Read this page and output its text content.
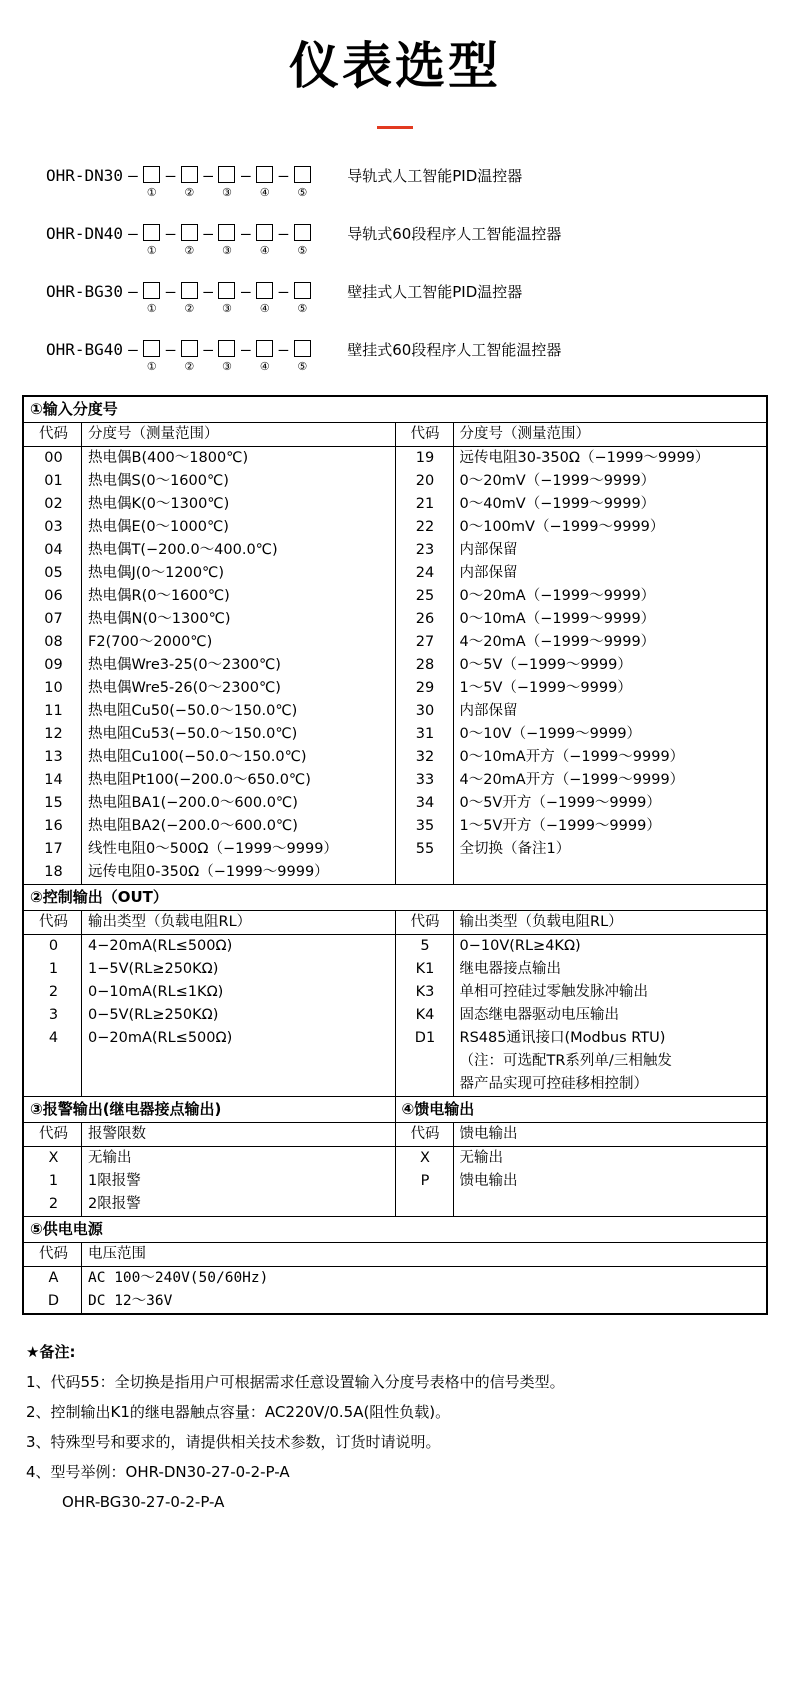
仪表选型
OHR-DN30 –
①
–
②
–
③
–
④
–
⑤
导轨式人工智能PID温控器
OHR-DN40 –
①
–
②
–
③
–
④
–
⑤
导轨式60段程序人工智能温控器
OHR-BG30 –
①
–
②
–
③
–
④
–
⑤
壁挂式人工智能PID温控器
OHR-BG40 –
①
–
②
–
③
–
④
–
⑤
壁挂式60段程序人工智能温控器
①输入分度号			
代码	分度号（测量范围）	代码	分度号（测量范围）
00	热电偶B(400～1800℃)	19	远传电阻30-350Ω（−1999～9999）
01	热电偶S(0～1600℃)	20	0～20mV（−1999～9999）
02	热电偶K(0～1300℃)	21	0～40mV（−1999～9999）
03	热电偶E(0～1000℃)	22	0～100mV（−1999～9999）
04	热电偶T(−200.0～400.0℃)	23	内部保留
05	热电偶J(0～1200℃)	24	内部保留
06	热电偶R(0～1600℃)	25	0～20mA（−1999～9999）
07	热电偶N(0～1300℃)	26	0～10mA（−1999～9999）
08	F2(700～2000℃)	27	4～20mA（−1999～9999）
09	热电偶Wre3-25(0～2300℃)	28	0～5V（−1999～9999）
10	热电偶Wre5-26(0～2300℃)	29	1～5V（−1999～9999）
11	热电阻Cu50(−50.0～150.0℃)	30	内部保留
12	热电阻Cu53(−50.0～150.0℃)	31	0～10V（−1999～9999）
13	热电阻Cu100(−50.0～150.0℃)	32	0～10mA开方（−1999～9999）
14	热电阻Pt100(−200.0～650.0℃)	33	4～20mA开方（−1999～9999）
15	热电阻BA1(−200.0～600.0℃)	34	0～5V开方（−1999～9999）
16	热电阻BA2(−200.0～600.0℃)	35	1～5V开方（−1999～9999）
17	线性电阻0～500Ω（−1999～9999）	55	全切换（备注1）
18	远传电阻0-350Ω（−1999～9999）		
②控制输出（OUT）			
代码	输出类型（负载电阻RL）	代码	输出类型（负载电阻RL）
0	4−20mA(RL≤500Ω)	5	0−10V(RL≥4KΩ)
1	1−5V(RL≥250KΩ)	K1	继电器接点输出
2	0−10mA(RL≤1KΩ)	K3	单相可控硅过零触发脉冲输出
3	0−5V(RL≥250KΩ)	K4	固态继电器驱动电压输出
4	0−20mA(RL≤500Ω)	D1	RS485通讯接口(Modbus RTU)
			（注：可选配TR系列单/三相触发
			器产品实现可控硅移相控制）
③报警输出(继电器接点输出)		④馈电输出	
代码	报警限数	代码	馈电输出
X	无输出	X	无输出
1	1限报警	P	馈电输出
2	2限报警		
⑤供电电源			
代码	电压范围		
A	AC 100～240V(50/60Hz)		
D	DC 12～36V		
★备注:
1、代码55：全切换是指用户可根据需求任意设置输入分度号表格中的信号类型。
2、控制输出K1的继电器触点容量：AC220V/0.5A(阻性负载)。
3、特殊型号和要求的，请提供相关技术参数，订货时请说明。
4、型号举例：OHR-DN30-27-0-2-P-A
OHR-BG30-27-0-2-P-A
